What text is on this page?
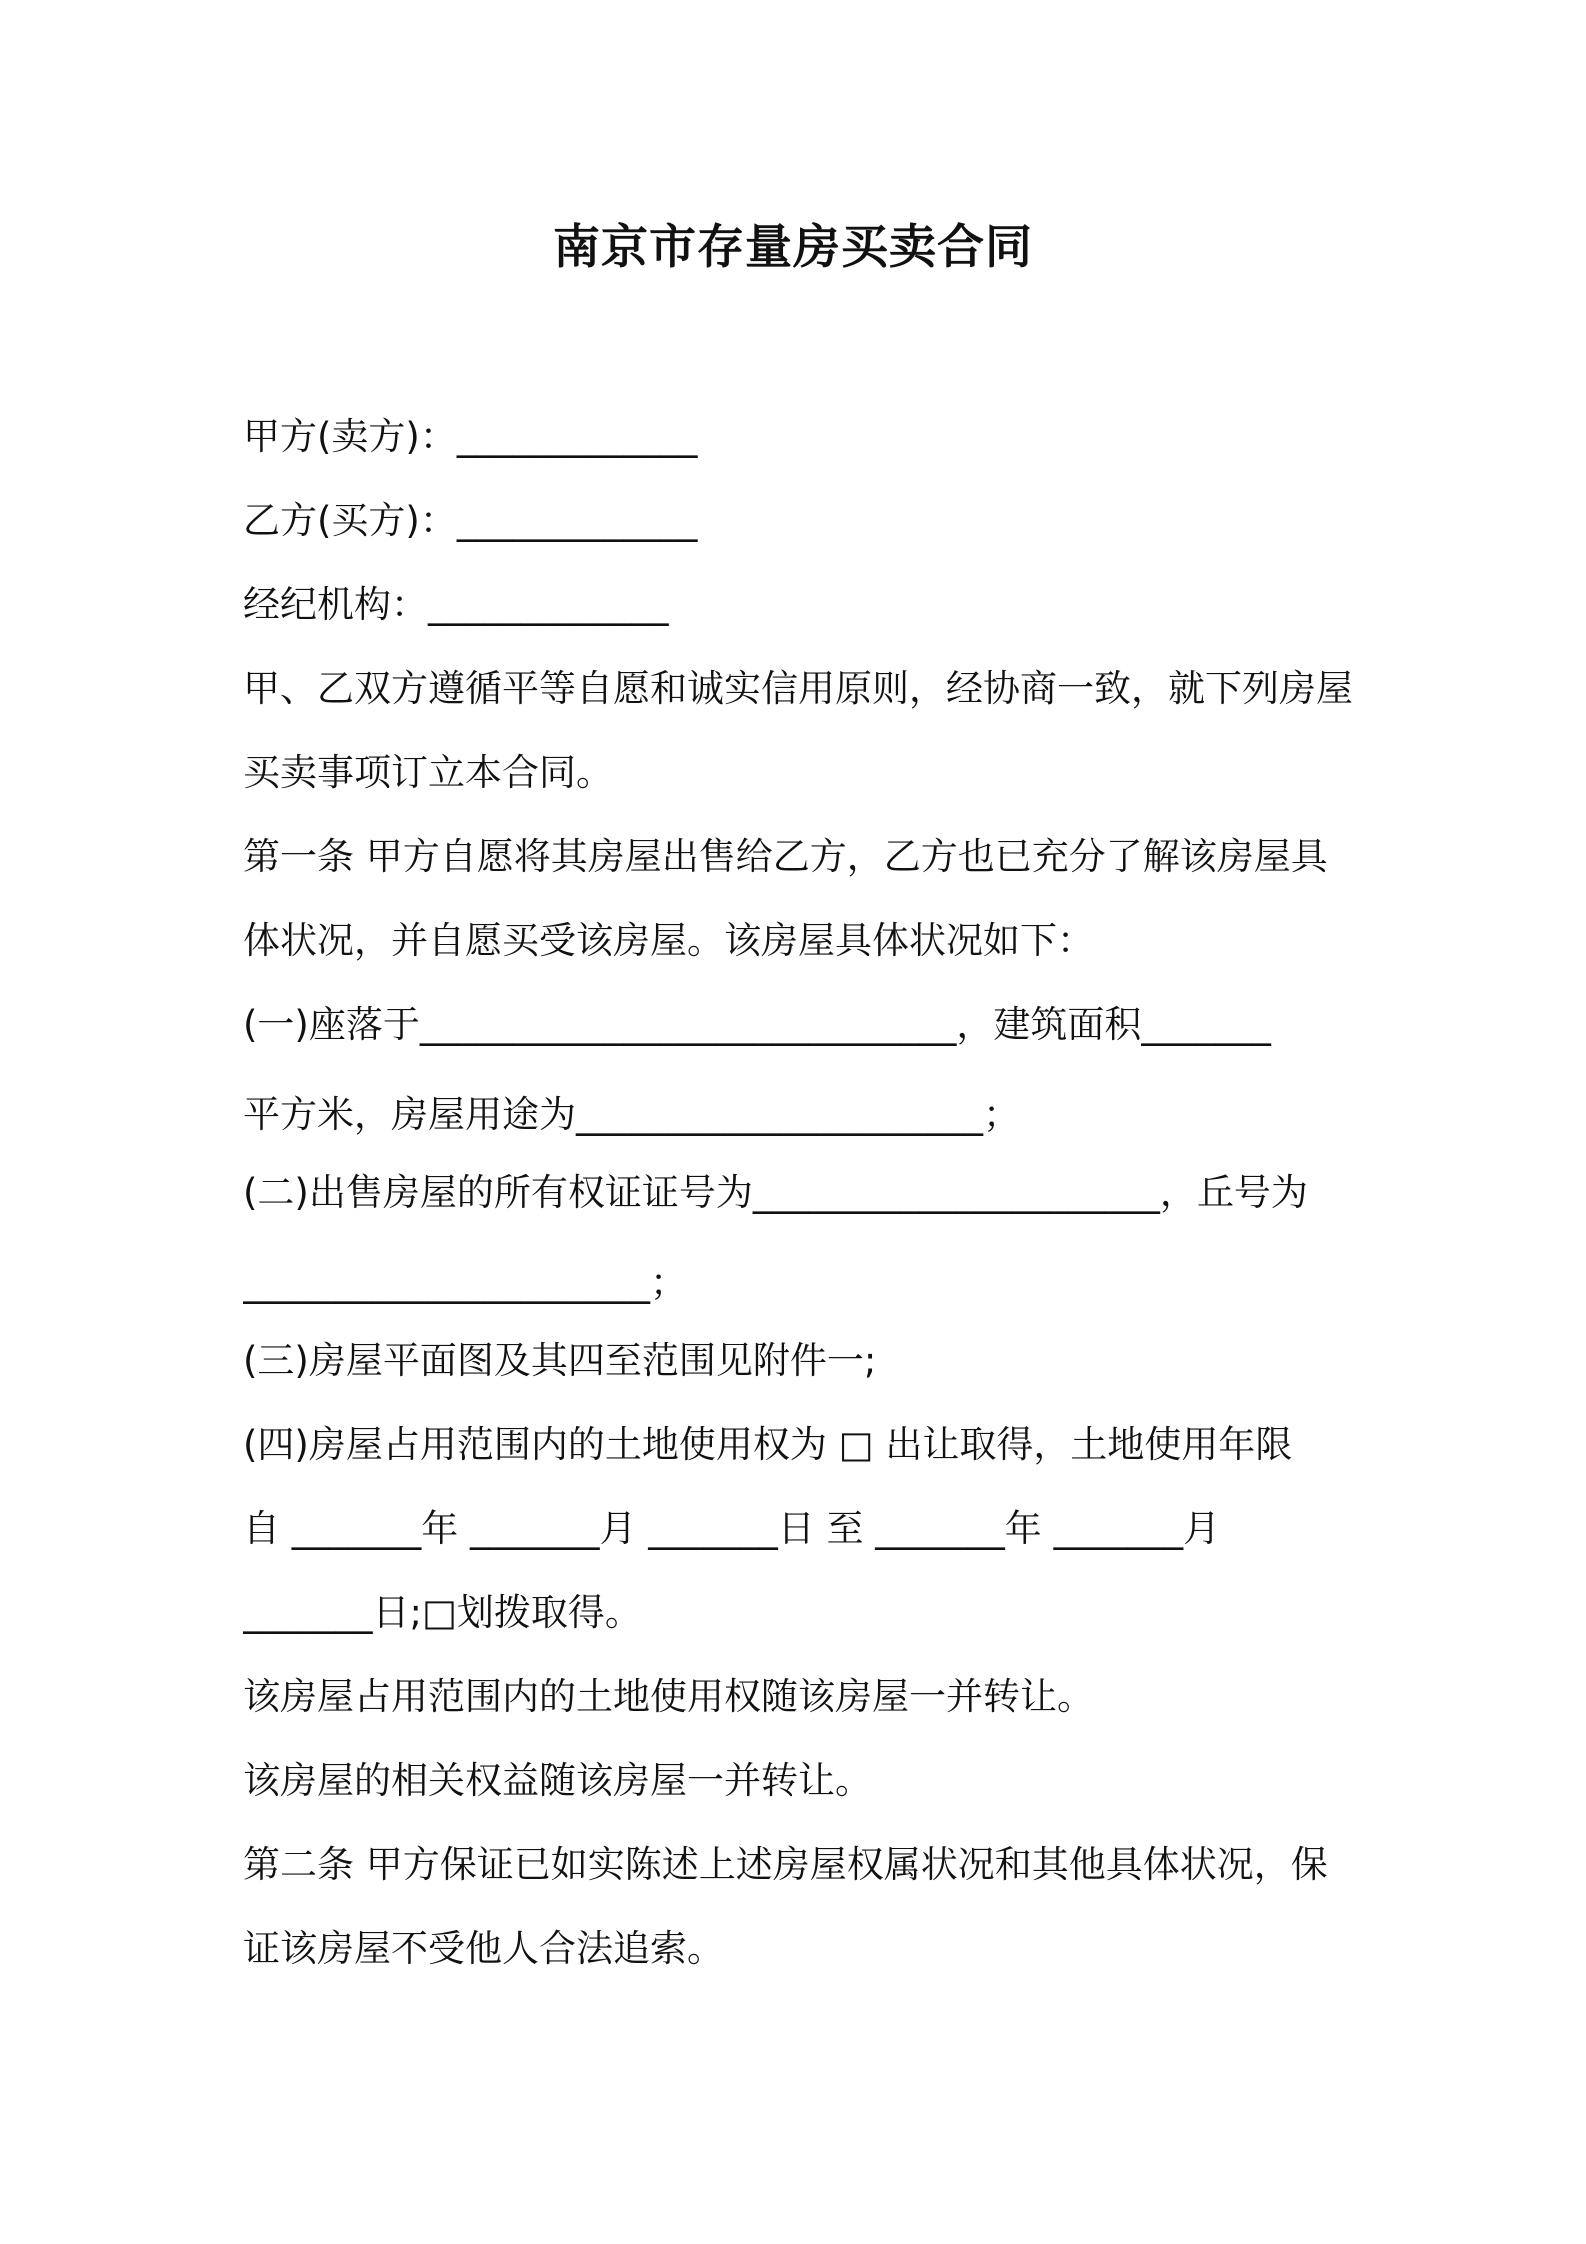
南京市存量房买卖合同
甲方(卖方)：_____________
乙方(买方)：_____________
经纪机构：_____________
甲、乙双方遵循平等自愿和诚实信用原则，经协商一致，就下列房屋
买卖事项订立本合同。
第一条 甲方自愿将其房屋出售给乙方，乙方也已充分了解该房屋具
体状况，并自愿买受该房屋。该房屋具体状况如下：
(一)座落于_____________________________，建筑面积_______
平方米，房屋用途为______________________；
(二)出售房屋的所有权证证号为______________________，丘号为
______________________；
(三)房屋平面图及其四至范围见附件一;
(四)房屋占用范围内的土地使用权为 □ 出让取得，土地使用年限
自 _______年 _______月 _______日 至 _______年 _______月
_______日;□划拨取得。
该房屋占用范围内的土地使用权随该房屋一并转让。
该房屋的相关权益随该房屋一并转让。
第二条 甲方保证已如实陈述上述房屋权属状况和其他具体状况，保
证该房屋不受他人合法追索。
